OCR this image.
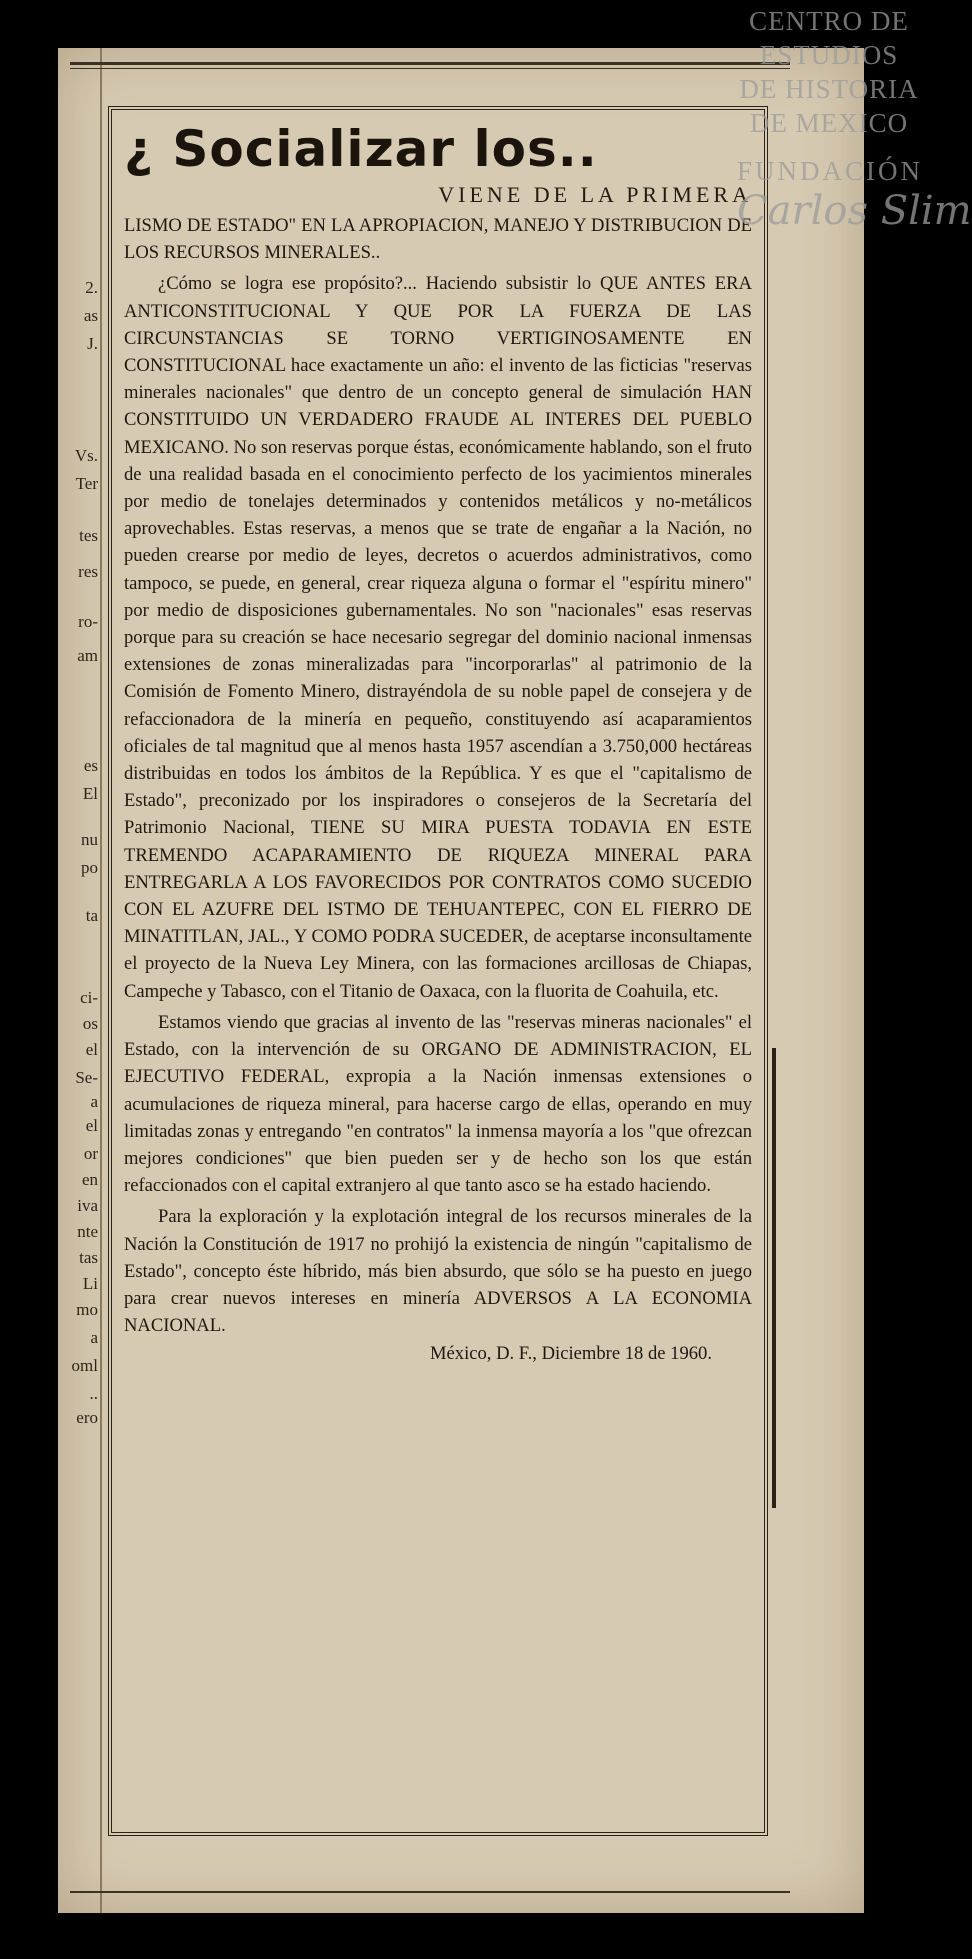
CENTRO DE
ESTUDIOS
DE HISTORIA
DE MEXICO
FUNDACIÓN
Carlos Slim
2.
as
J.
Vs.
Ter
tes
res
ro-
am
es
El
nu
po
ta
ci-
os
el
Se-
a
el
or
en
iva
nte
tas
Li
mo
a
oml
..
ero
¿ Socializar los..
VIENE DE LA PRIMERA

LISMO DE ESTADO" EN LA APROPIACION, MANEJO Y DISTRIBUCION DE LOS RECURSOS MINERALES..

¿Cómo se logra ese propósito?... Haciendo subsistir lo QUE ANTES ERA ANTICONSTITUCIONAL Y QUE POR LA FUERZA DE LAS CIRCUNSTANCIAS SE TORNO VERTIGINOSAMENTE EN CONSTITUCIONAL hace exactamente un año: el invento de las ficticias "reservas minerales nacionales" que dentro de un concepto general de simulación HAN CONSTITUIDO UN VERDADERO FRAUDE AL INTERES DEL PUEBLO MEXICANO. No son reservas porque éstas, económicamente hablando, son el fruto de una realidad basada en el conocimiento perfecto de los yacimientos minerales por medio de tonelajes determinados y contenidos metálicos y no-metálicos aprovechables. Estas reservas, a menos que se trate de engañar a la Nación, no pueden crearse por medio de leyes, decretos o acuerdos administrativos, como tampoco, se puede, en general, crear riqueza alguna o formar el "espíritu minero" por medio de disposiciones gubernamentales. No son "nacionales" esas reservas porque para su creación se hace necesario segregar del dominio nacional inmensas extensiones de zonas mineralizadas para "incorporarlas" al patrimonio de la Comisión de Fomento Minero, distrayéndola de su noble papel de consejera y de refaccionadora de la minería en pequeño, constituyendo así acaparamientos oficiales de tal magnitud que al menos hasta 1957 ascendían a 3.750,000 hectáreas distribuidas en todos los ámbitos de la República. Y es que el "capitalismo de Estado", preconizado por los inspiradores o consejeros de la Secretaría del Patrimonio Nacional, TIENE SU MIRA PUESTA TODAVIA EN ESTE TREMENDO ACAPARAMIENTO DE RIQUEZA MINERAL PARA ENTREGARLA A LOS FAVORECIDOS POR CONTRATOS COMO SUCEDIO CON EL AZUFRE DEL ISTMO DE TEHUANTEPEC, CON EL FIERRO DE MINATITLAN, JAL., Y COMO PODRA SUCEDER, de aceptarse inconsultamente el proyecto de la Nueva Ley Minera, con las formaciones arcillosas de Chiapas, Campeche y Tabasco, con el Titanio de Oaxaca, con la fluorita de Coahuila, etc.

Estamos viendo que gracias al invento de las "reservas mineras nacionales" el Estado, con la intervención de su ORGANO DE ADMINISTRACION, EL EJECUTIVO FEDERAL, expropia a la Nación inmensas extensiones o acumulaciones de riqueza mineral, para hacerse cargo de ellas, operando en muy limitadas zonas y entregando "en contratos" la inmensa mayoría a los "que ofrezcan mejores condiciones" que bien pueden ser y de hecho son los que están refaccionados con el capital extranjero al que tanto asco se ha estado haciendo.

Para la exploración y la explotación integral de los recursos minerales de la Nación la Constitución de 1917 no prohijó la existencia de ningún "capitalismo de Estado", concepto éste híbrido, más bien absurdo, que sólo se ha puesto en juego para crear nuevos intereses en minería ADVERSOS A LA ECONOMIA NACIONAL.

México, D. F., Diciembre 18 de 1960.
